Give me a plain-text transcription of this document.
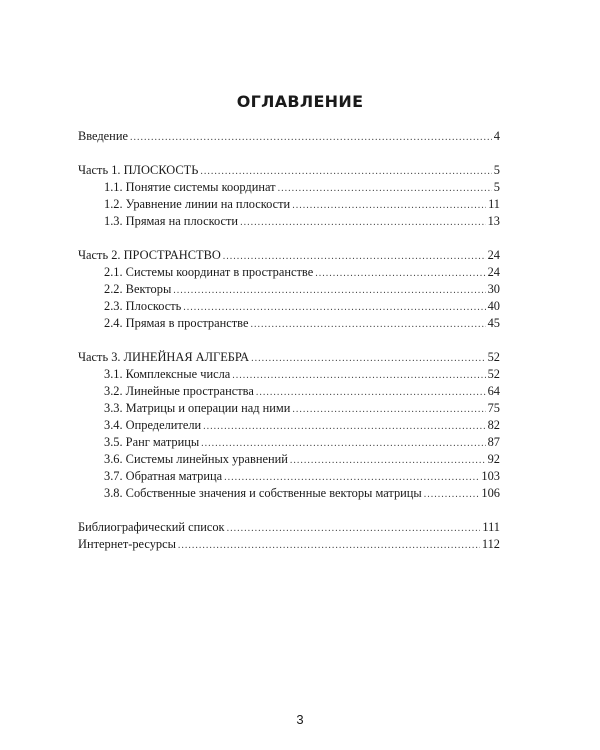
ОГЛАВЛЕНИЕ
Введение .....	4
Часть 1. ПЛОСКОСТЬ .....	5
1.1. Понятие системы координат .....	5
1.2. Уравнение линии на плоскости .....	11
1.3. Прямая на плоскости .....	13
Часть 2. ПРОСТРАНСТВО .....	24
2.1. Системы координат в пространстве .....	24
2.2. Векторы .....	30
2.3. Плоскость .....	40
2.4. Прямая в пространстве .....	45
Часть 3. ЛИНЕЙНАЯ АЛГЕБРА .....	52
3.1. Комплексные числа .....	52
3.2. Линейные пространства .....	64
3.3. Матрицы и операции над ними .....	75
3.4. Определители .....	82
3.5. Ранг матрицы .....	87
3.6. Системы линейных уравнений .....	92
3.7. Обратная матрица .....	103
3.8. Собственные значения и собственные векторы матрицы .....	106
Библиографический список .....	111
Интернет-ресурсы .....	112
3
